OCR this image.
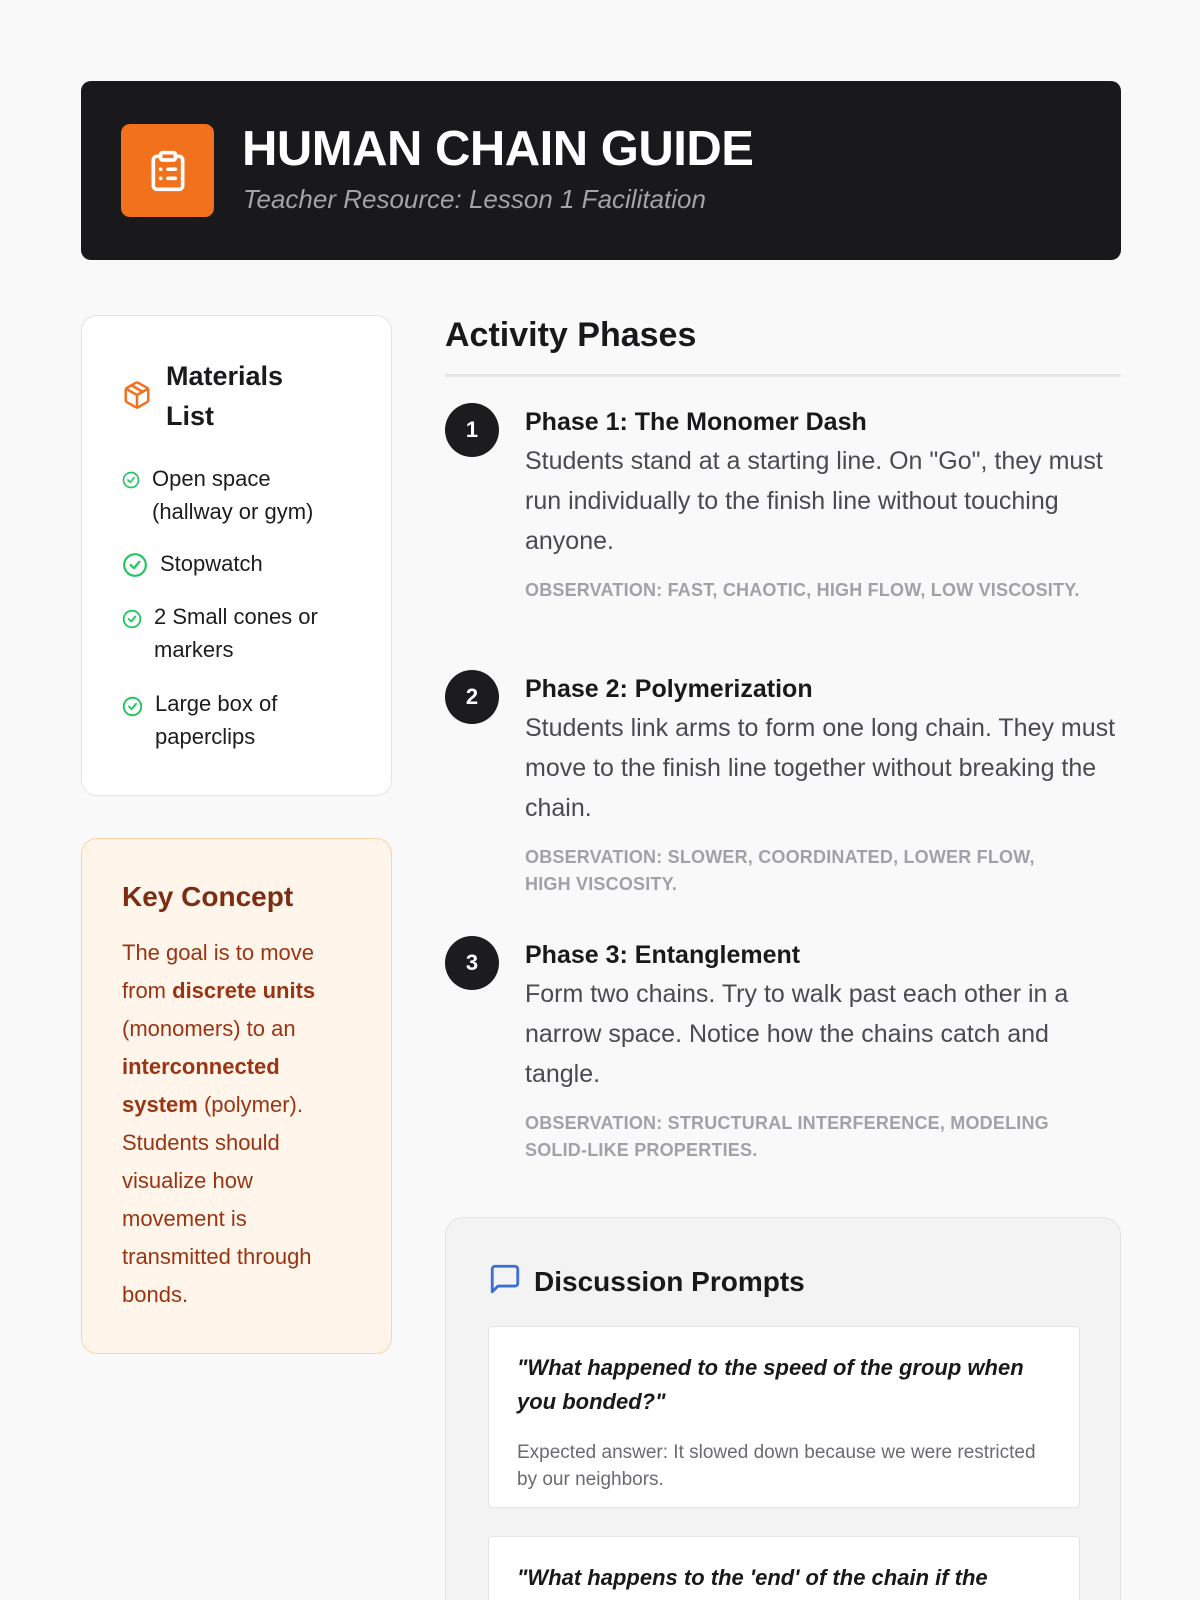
HUMAN CHAIN GUIDE
Teacher Resource: Lesson 1 Facilitation
Materials List
Open space (hallway or gym)
Stopwatch
2 Small cones or markers
Large box of paperclips
Key Concept
The goal is to move from discrete units (monomers) to an interconnected system (polymer). Students should visualize how movement is transmitted through bonds.
Activity Phases
1	Phase 1: The Monomer Dash
Students stand at a starting line. On "Go", they must run individually to the finish line without touching anyone.
OBSERVATION: FAST, CHAOTIC, HIGH FLOW, LOW VISCOSITY.
2	Phase 2: Polymerization
Students link arms to form one long chain. They must move to the finish line together without breaking the chain.
OBSERVATION: SLOWER, COORDINATED, LOWER FLOW, HIGH VISCOSITY.
3	Phase 3: Entanglement
Form two chains. Try to walk past each other in a narrow space. Notice how the chains catch and tangle.
OBSERVATION: STRUCTURAL INTERFERENCE, MODELING SOLID-LIKE PROPERTIES.
Discussion Prompts
"What happened to the speed of the group when you bonded?"
Expected answer: It slowed down because we were restricted by our neighbors.
"What happens to the 'end' of the chain if the
